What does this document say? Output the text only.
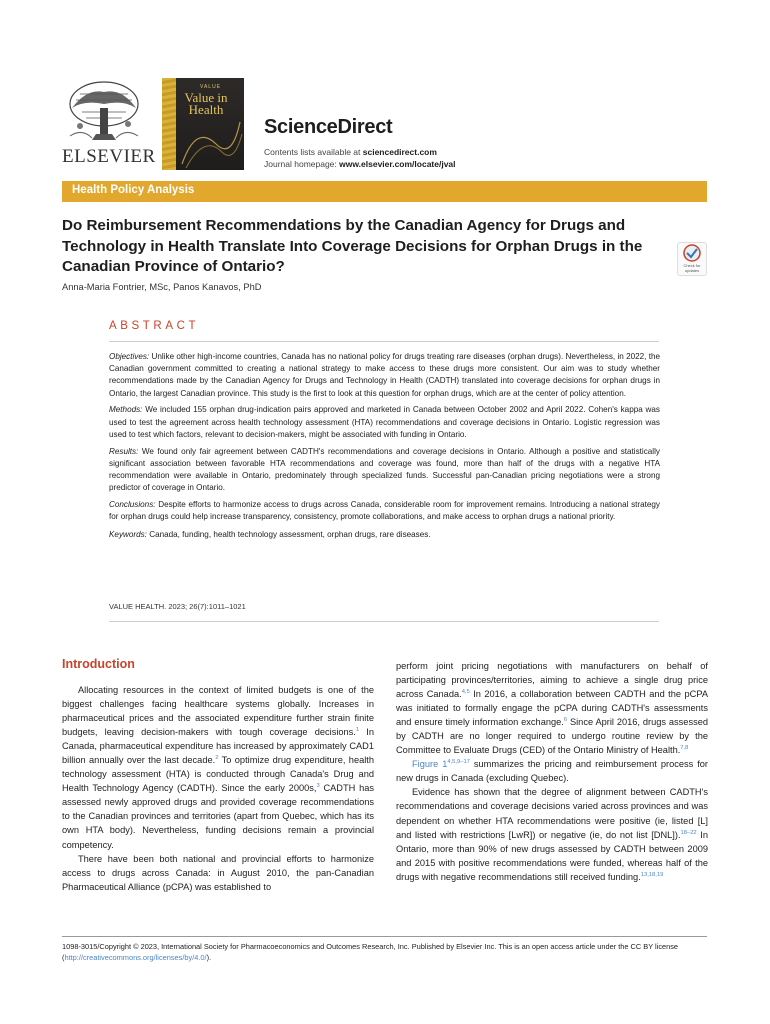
ELSEVIER
VALUE
Value in Health
ScienceDirect
Contents lists available at sciencedirect.com
Journal homepage: www.elsevier.com/locate/jval
Health Policy Analysis
Do Reimbursement Recommendations by the Canadian Agency for Drugs and Technology in Health Translate Into Coverage Decisions for Orphan Drugs in the Canadian Province of Ontario?	Check for updates
Anna-Maria Fontrier, MSc, Panos Kanavos, PhD
ABSTRACT

Objectives: Unlike other high-income countries, Canada has no national policy for drugs treating rare diseases (orphan drugs). Nevertheless, in 2022, the Canadian government committed to creating a national strategy to make access to these drugs more consistent. Our aim was to study whether recommendations made by the Canadian Agency for Drugs and Technology in Health (CADTH) translated into coverage decisions for orphan drugs in Ontario, the largest Canadian province. This study is the first to look at this question for orphan drugs, which are at the center of policy attention.

Methods: We included 155 orphan drug-indication pairs approved and marketed in Canada between October 2002 and April 2022. Cohen's kappa was used to test the agreement across health technology assessment (HTA) recommendations and coverage decisions in Ontario. Logistic regression was used to test which factors, relevant to decision-makers, might be associated with funding in Ontario.

Results: We found only fair agreement between CADTH's recommendations and coverage decisions in Ontario. Although a positive and statistically significant association between favorable HTA recommendations and coverage was found, more than half of the drugs with a negative HTA recommendation were available in Ontario, predominately through specialized funds. Successful pan-Canadian pricing negotiations were a strong predictor of coverage in Ontario.

Conclusions: Despite efforts to harmonize access to drugs across Canada, considerable room for improvement remains. Introducing a national strategy for orphan drugs could help increase transparency, consistency, promote collaborations, and make access to orphan drugs a national priority.

Keywords: Canada, funding, health technology assessment, orphan drugs, rare diseases.

VALUE HEALTH. 2023; 26(7):1011–1021
Introduction

Allocating resources in the context of limited budgets is one of the biggest challenges facing healthcare systems globally. Increases in pharmaceutical prices and the associated expenditure further strain finite budgets, leaving decision-makers with tough coverage decisions.$^1$ In Canada, pharmaceutical expenditure has increased by approximately CAD1 billion annually over the last decade.$^2$ To optimize drug expenditure, health technology assessment (HTA) is conducted through Canada's Drug and Health Technology Agency (CADTH). Since the early 2000s,$^3$ CADTH has assessed newly approved drugs and provided coverage recommendations to the Canadian provinces and territories (apart from Quebec, which has its own HTA body). Nevertheless, funding decisions remain a provincial competency.

There have been both national and provincial efforts to harmonize access to drugs across Canada: in August 2010, the pan-Canadian Pharmaceutical Alliance (pCPA) was established to

perform joint pricing negotiations with manufacturers on behalf of participating provinces/territories, aiming to achieve a single drug price across Canada.$^{4,5}$ In 2016, a collaboration between CADTH and the pCPA was initiated to formally engage the pCPA during CADTH's assessments and ensure timely information exchange.$^6$ Since April 2016, drugs assessed by CADTH are no longer required to undergo routine review by the Committee to Evaluate Drugs (CED) of the Ontario Ministry of Health.$^{7,8}$

Figure 1$^{4,5,9-17}$ summarizes the pricing and reimbursement process for new drugs in Canada (excluding Quebec).

Evidence has shown that the degree of alignment between CADTH's recommendations and coverage decisions varied across provinces and was dependent on whether HTA recommendations were positive (ie, listed [L] and listed with restrictions [LwR]) or negative (ie, do not list [DNL]).$^{18-22}$ In Ontario, more than 90% of new drugs assessed by CADTH between 2009 and 2015 with positive recommendations were funded, whereas half of the drugs with negative recommendations still received funding.$^{13,18,19}$

1098-3015/Copyright © 2023, International Society for Pharmacoeconomics and Outcomes Research, Inc. Published by Elsevier Inc. This is an open access article under the CC BY license (http://creativecommons.org/licenses/by/4.0/).
